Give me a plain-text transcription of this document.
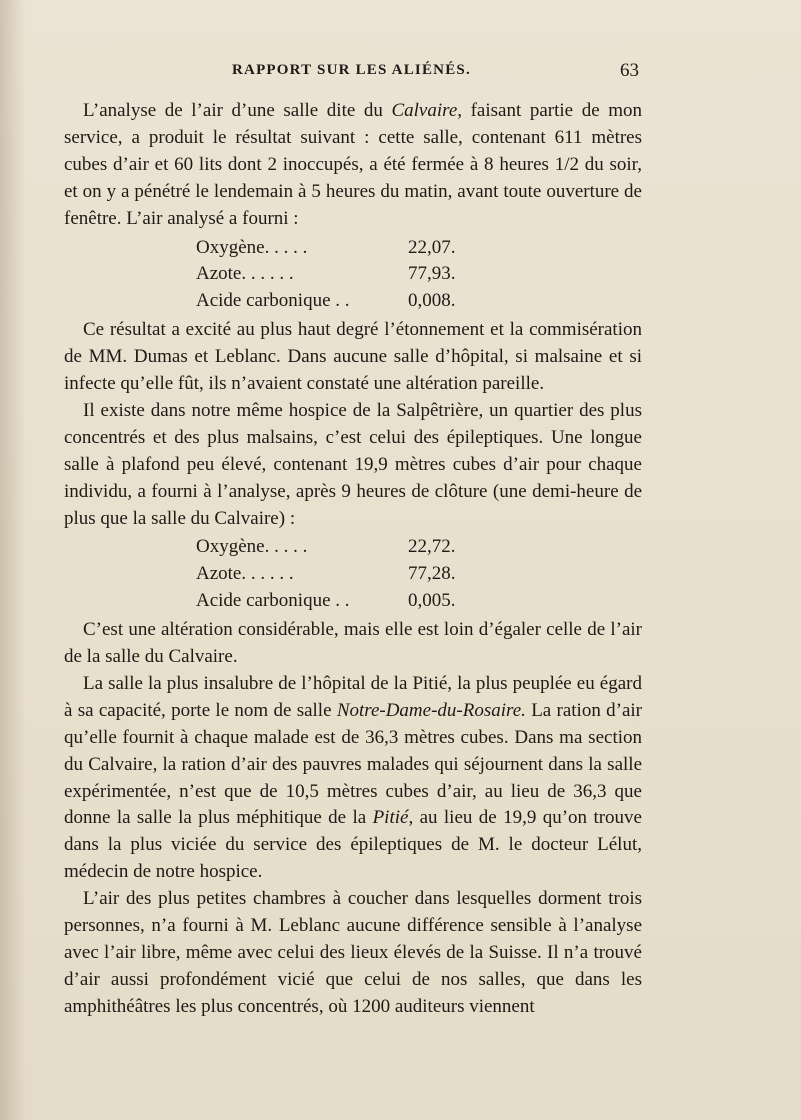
RAPPORT SUR LES ALIÉNÉS.	63

 L’analyse de l’air d’une salle dite du Calvaire, faisant partie de mon service, a produit le résultat suivant : cette salle, contenant 611 mètres cubes d’air et 60 lits dont 2 inoccupés, a été fermée à 8 heures 1/2 du soir, et on y a pénétré le lendemain à 5 heures du matin, avant toute ouverture de fenêtre. L’air analysé a fourni :

Oxygène. . . . .	22,07.
Azote. . . . . .	77,93.
Acide carbonique . .	0,008.

 Ce résultat a excité au plus haut degré l’étonnement et la commisération de MM. Dumas et Leblanc. Dans aucune salle d’hôpital, si malsaine et si infecte qu’elle fût, ils n’avaient constaté une altération pareille.

 Il existe dans notre même hospice de la Salpêtrière, un quartier des plus concentrés et des plus malsains, c’est celui des épileptiques. Une longue salle à plafond peu élevé, contenant 19,9 mètres cubes d’air pour chaque individu, a fourni à l’analyse, après 9 heures de clôture (une demi-heure de plus que la salle du Calvaire) :

Oxygène. . . . .	22,72.
Azote. . . . . .	77,28.
Acide carbonique . .	0,005.

 C’est une altération considérable, mais elle est loin d’égaler celle de l’air de la salle du Calvaire.

 La salle la plus insalubre de l’hôpital de la Pitié, la plus peuplée eu égard à sa capacité, porte le nom de salle Notre-Dame-du-Rosaire. La ration d’air qu’elle fournit à chaque malade est de 36,3 mètres cubes. Dans ma section du Calvaire, la ration d’air des pauvres malades qui séjournent dans la salle expérimentée, n’est que de 10,5 mètres cubes d’air, au lieu de 36,3 que donne la salle la plus méphitique de la Pitié, au lieu de 19,9 qu’on trouve dans la plus viciée du service des épileptiques de M. le docteur Lélut, médecin de notre hospice.

 L’air des plus petites chambres à coucher dans lesquelles dorment trois personnes, n’a fourni à M. Leblanc aucune différence sensible à l’analyse avec l’air libre, même avec celui des lieux élevés de la Suisse. Il n’a trouvé d’air aussi profondément vicié que celui de nos salles, que dans les amphithéâtres les plus concentrés, où 1200 auditeurs viennent
